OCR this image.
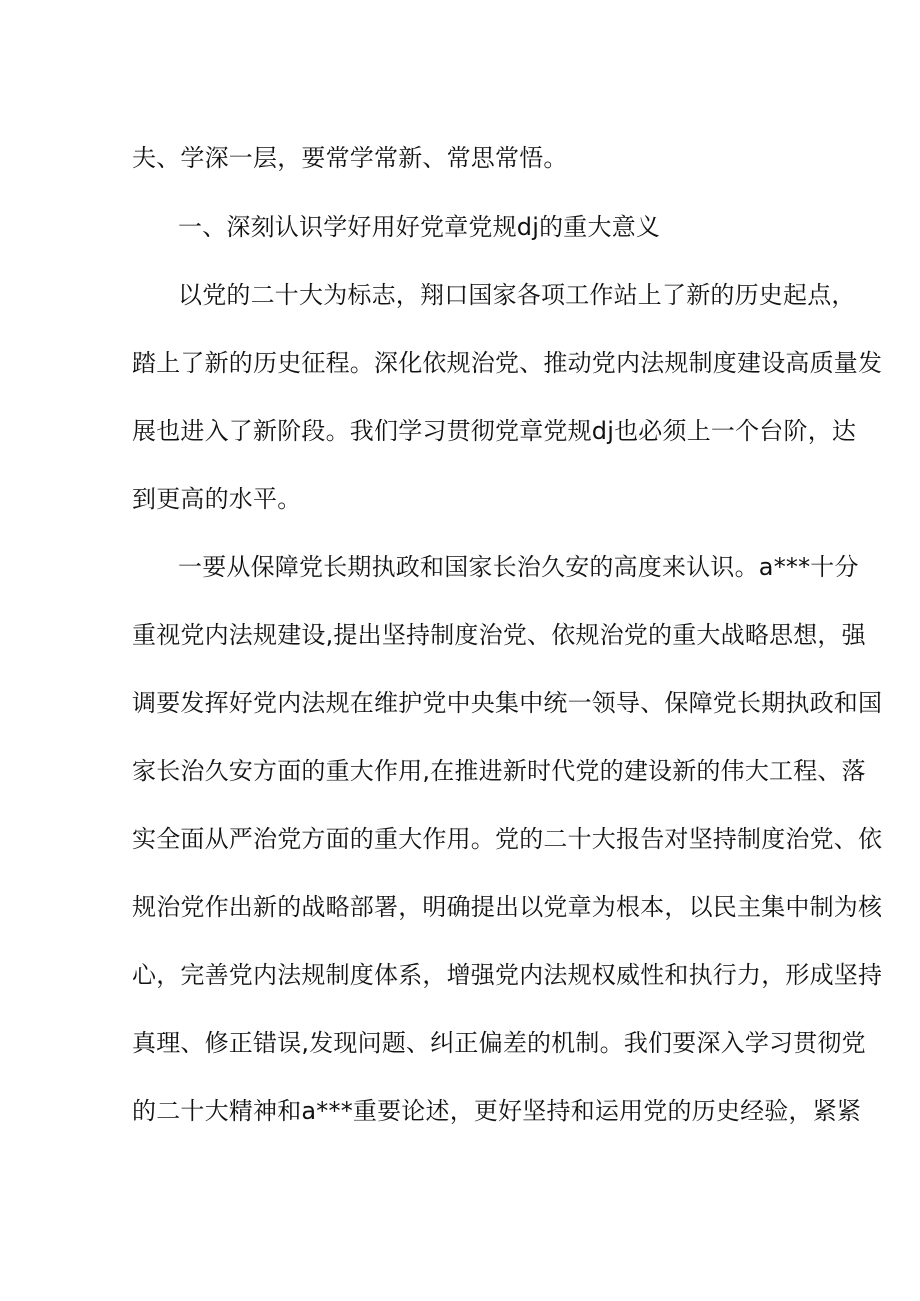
夫、学深一层，要常学常新、常思常悟。

一、深刻认识学好用好党章党规dj的重大意义

以党的二十大为标志，翔口国家各项工作站上了新的历史起点，

踏上了新的历史征程。深化依规治党、推动党内法规制度建设高质量发

展也进入了新阶段。我们学习贯彻党章党规dj也必须上一个台阶，达

到更高的水平。

一要从保障党长期执政和国家长治久安的高度来认识。a***十分

重视党内法规建设,提出坚持制度治党、依规治党的重大战略思想，强

调要发挥好党内法规在维护党中央集中统一领导、保障党长期执政和国

家长治久安方面的重大作用,在推进新时代党的建设新的伟大工程、落

实全面从严治党方面的重大作用。党的二十大报告对坚持制度治党、依

规治党作出新的战略部署，明确提出以党章为根本，以民主集中制为核

心，完善党内法规制度体系，增强党内法规权威性和执行力，形成坚持

真理、修正错误,发现问题、纠正偏差的机制。我们要深入学习贯彻党

的二十大精神和a***重要论述，更好坚持和运用党的历史经验，紧紧
